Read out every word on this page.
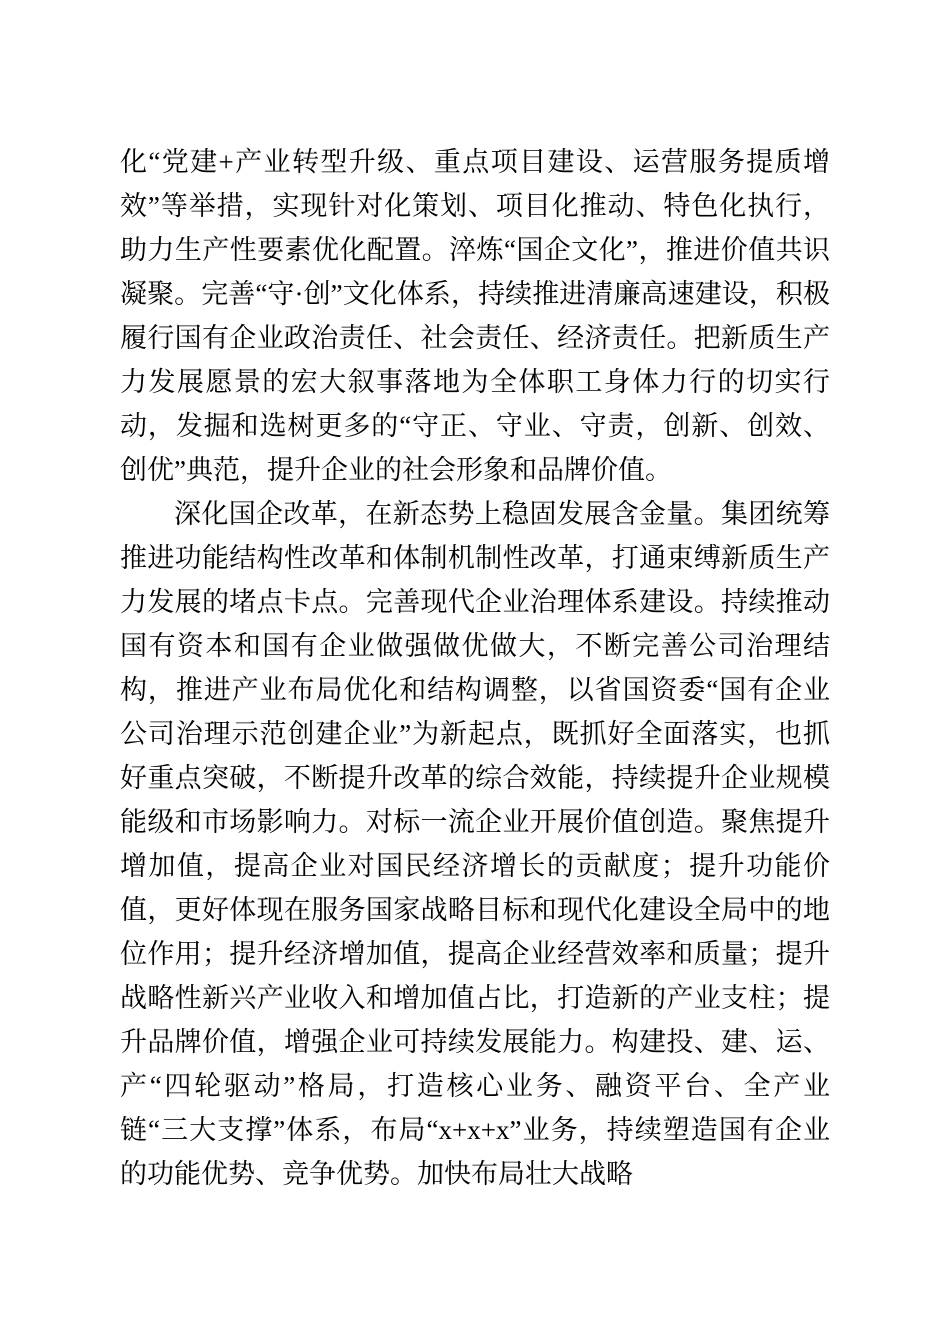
化“党建+产业转型升级、重点项目建设、运营服务提质增效”等举措，实现针对化策划、项目化推动、特色化执行，助力生产性要素优化配置。淬炼“国企文化”，推进价值共识凝聚。完善“守·创”文化体系，持续推进清廉高速建设，积极履行国有企业政治责任、社会责任、经济责任。把新质生产力发展愿景的宏大叙事落地为全体职工身体力行的切实行动，发掘和选树更多的“守正、守业、守责，创新、创效、创优”典范，提升企业的社会形象和品牌价值。

深化国企改革，在新态势上稳固发展含金量。集团统筹推进功能结构性改革和体制机制性改革，打通束缚新质生产力发展的堵点卡点。完善现代企业治理体系建设。持续推动国有资本和国有企业做强做优做大，不断完善公司治理结构，推进产业布局优化和结构调整，以省国资委“国有企业公司治理示范创建企业”为新起点，既抓好全面落实，也抓好重点突破，不断提升改革的综合效能，持续提升企业规模能级和市场影响力。对标一流企业开展价值创造。聚焦提升增加值，提高企业对国民经济增长的贡献度；提升功能价值，更好体现在服务国家战略目标和现代化建设全局中的地位作用；提升经济增加值，提高企业经营效率和质量；提升战略性新兴产业收入和增加值占比，打造新的产业支柱；提升品牌价值，增强企业可持续发展能力。构建投、建、运、产“四轮驱动”格局，打造核心业务、融资平台、全产业链“三大支撑”体系，布局“x+x+x”业务，持续塑造国有企业的功能优势、竞争优势。加快布局壮大战略
